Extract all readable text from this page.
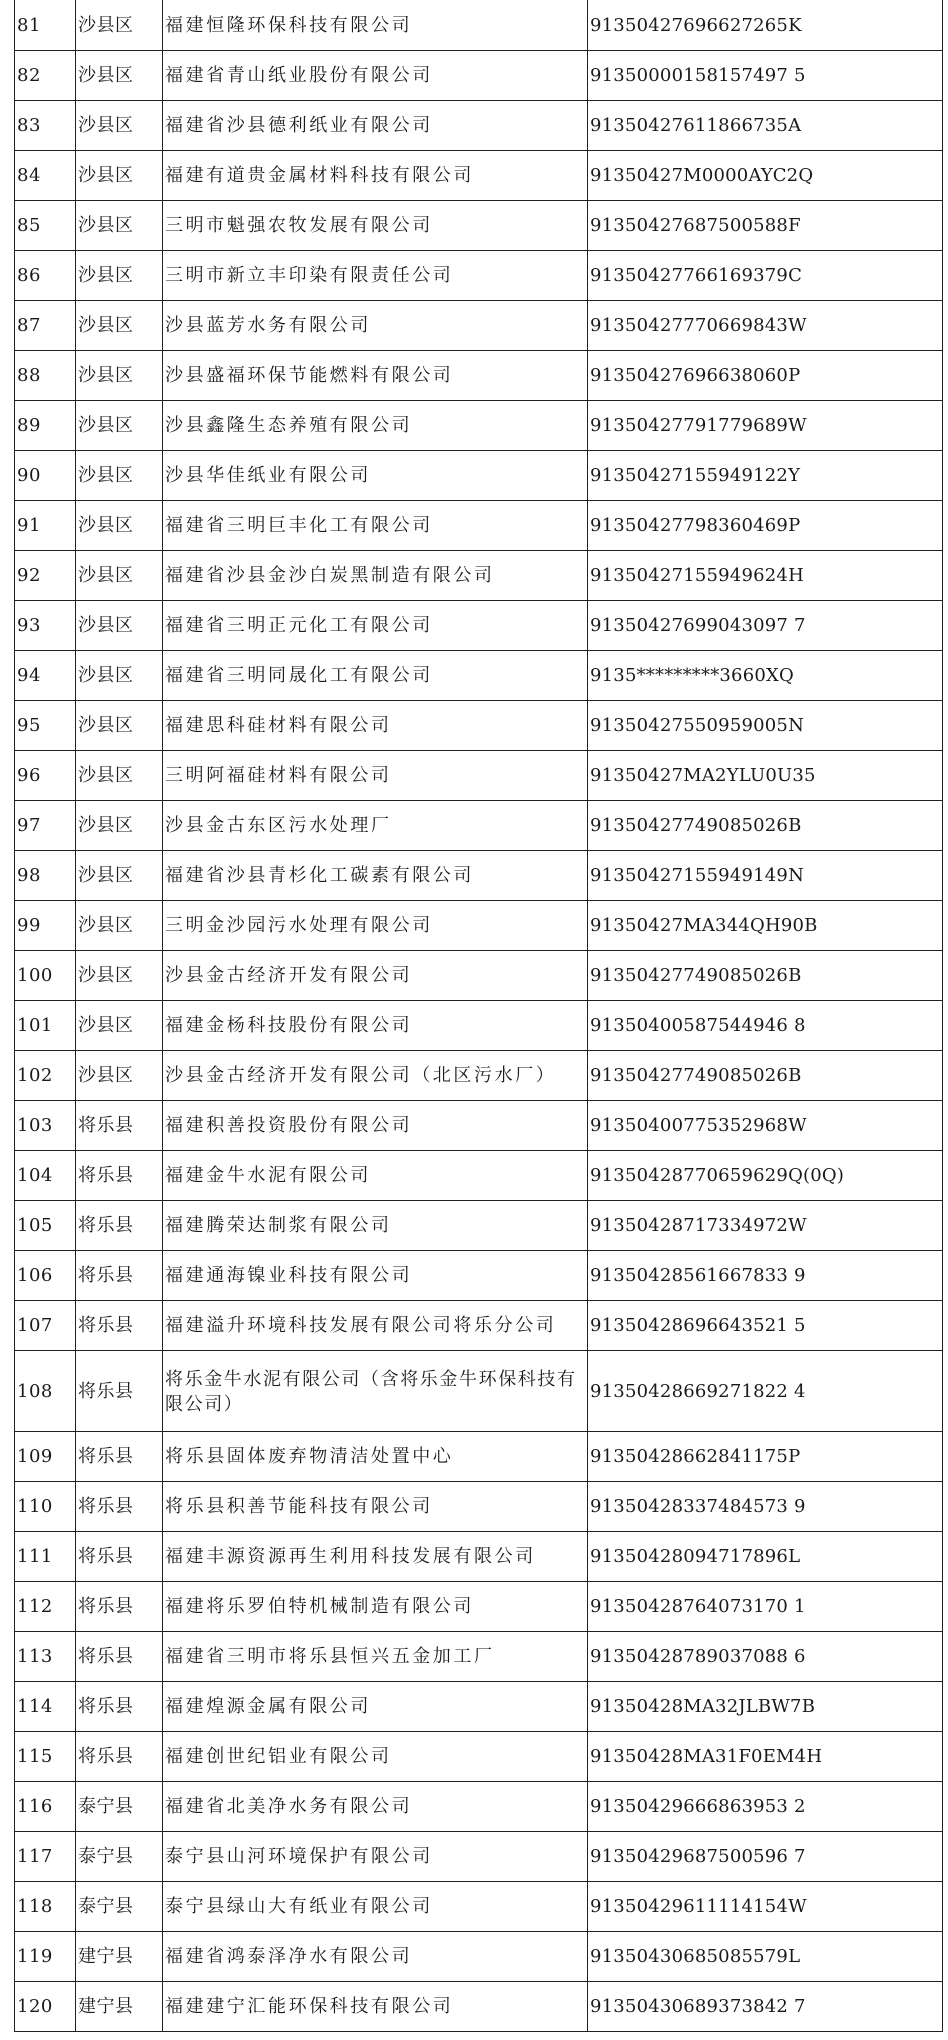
81	沙县区	福建恒隆环保科技有限公司	91350427696627265K
82	沙县区	福建省青山纸业股份有限公司	91350000158157497 5
83	沙县区	福建省沙县德利纸业有限公司	91350427611866735A
84	沙县区	福建有道贵金属材料科技有限公司	91350427M0000AYC2Q
85	沙县区	三明市魁强农牧发展有限公司	91350427687500588F
86	沙县区	三明市新立丰印染有限责任公司	91350427766169379C
87	沙县区	沙县蓝芳水务有限公司	91350427770669843W
88	沙县区	沙县盛福环保节能燃料有限公司	91350427696638060P
89	沙县区	沙县鑫隆生态养殖有限公司	91350427791779689W
90	沙县区	沙县华佳纸业有限公司	91350427155949122Y
91	沙县区	福建省三明巨丰化工有限公司	91350427798360469P
92	沙县区	福建省沙县金沙白炭黑制造有限公司	91350427155949624H
93	沙县区	福建省三明正元化工有限公司	91350427699043097 7
94	沙县区	福建省三明同晟化工有限公司	9135*********3660XQ
95	沙县区	福建思科硅材料有限公司	91350427550959005N
96	沙县区	三明阿福硅材料有限公司	91350427MA2YLU0U35
97	沙县区	沙县金古东区污水处理厂	91350427749085026B
98	沙县区	福建省沙县青杉化工碳素有限公司	91350427155949149N
99	沙县区	三明金沙园污水处理有限公司	91350427MA344QH90B
100	沙县区	沙县金古经济开发有限公司	91350427749085026B
101	沙县区	福建金杨科技股份有限公司	91350400587544946 8
102	沙县区	沙县金古经济开发有限公司（北区污水厂）	91350427749085026B
103	将乐县	福建积善投资股份有限公司	91350400775352968W
104	将乐县	福建金牛水泥有限公司	91350428770659629Q(0Q)
105	将乐县	福建腾荣达制浆有限公司	91350428717334972W
106	将乐县	福建通海镍业科技有限公司	91350428561667833 9
107	将乐县	福建溢升环境科技发展有限公司将乐分公司	91350428696643521 5
108	将乐县	将乐金牛水泥有限公司（含将乐金牛环保科技有限公司）	91350428669271822 4
109	将乐县	将乐县固体废弃物清洁处置中心	91350428662841175P
110	将乐县	将乐县积善节能科技有限公司	91350428337484573 9
111	将乐县	福建丰源资源再生利用科技发展有限公司	91350428094717896L
112	将乐县	福建将乐罗伯特机械制造有限公司	91350428764073170 1
113	将乐县	福建省三明市将乐县恒兴五金加工厂	91350428789037088 6
114	将乐县	福建煌源金属有限公司	91350428MA32JLBW7B
115	将乐县	福建创世纪铝业有限公司	91350428MA31F0EM4H
116	泰宁县	福建省北美净水务有限公司	91350429666863953 2
117	泰宁县	泰宁县山河环境保护有限公司	91350429687500596 7
118	泰宁县	泰宁县绿山大有纸业有限公司	91350429611114154W
119	建宁县	福建省鸿泰泽净水有限公司	91350430685085579L
120	建宁县	福建建宁汇能环保科技有限公司	91350430689373842 7
